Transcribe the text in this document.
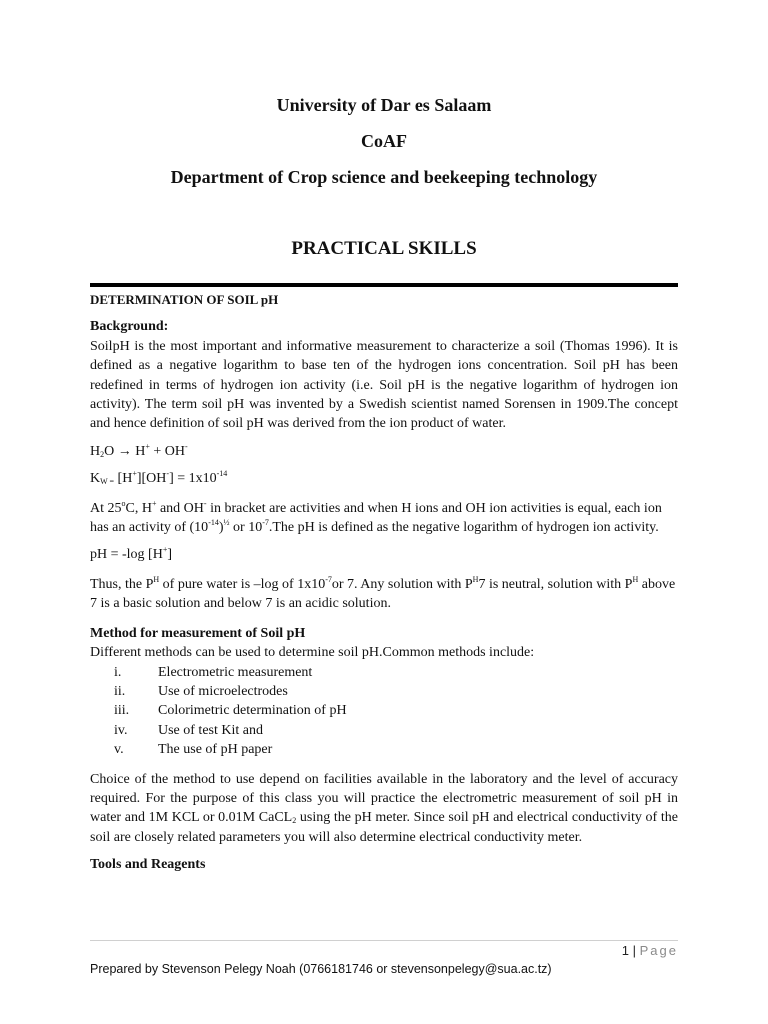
University of Dar es Salaam
CoAF
Department of Crop science and beekeeping technology
PRACTICAL SKILLS

DETERMINATION OF SOIL pH

Background:

SoilpH is the most important and informative measurement to characterize a soil (Thomas 1996). It is defined as a negative logarithm to base ten of the hydrogen ions concentration. Soil pH has been redefined in terms of hydrogen ion activity (i.e. Soil pH is the negative logarithm of hydrogen ion activity). The term soil pH was invented by a Swedish scientist named Sorensen in 1909.The concept and hence definition of soil pH was derived from the ion product of water.

$H_2O \to H^+ + OH^-$

$K_{W =}$ $[H^+][OH^-] = 1x10^{-14}$

At 25$^o$C, H+ and OH- in bracket are activities and when H ions and OH ion activities is equal, each ion has an activity of $(10^{-14})^{\frac{1}{2}}$ or $10^{-7}.The$ pH is defined as the negative logarithm of hydrogen ion activity.

pH = -log [H+]

Thus, the $P^H$ of pure water is –log of $1x10^{-7}or$ 7. Any solution with $P^H7$ is neutral, solution with $P^H$ above 7 is a basic solution and below 7 is an acidic solution.

Method for measurement of Soil pH

Different methods can be used to determine soil pH.Common methods include:

i.	Electrometric measurement
ii.	Use of microelectrodes
iii.	Colorimetric determination of pH
iv.	Use of test Kit and
v.	The use of pH paper

Choice of the method to use depend on facilities available in the laboratory and the level of accuracy required. For the purpose of this class you will practice the electrometric measurement of soil pH in water and 1M KCL or 0.01M CaCL$_2$ using the pH meter. Since soil pH and electrical conductivity of the soil are closely related parameters you will also determine electrical conductivity meter.

Tools and Reagents

1 | Page
Prepared by Stevenson Pelegy Noah (0766181746 or stevensonpelegy@sua.ac.tz)
